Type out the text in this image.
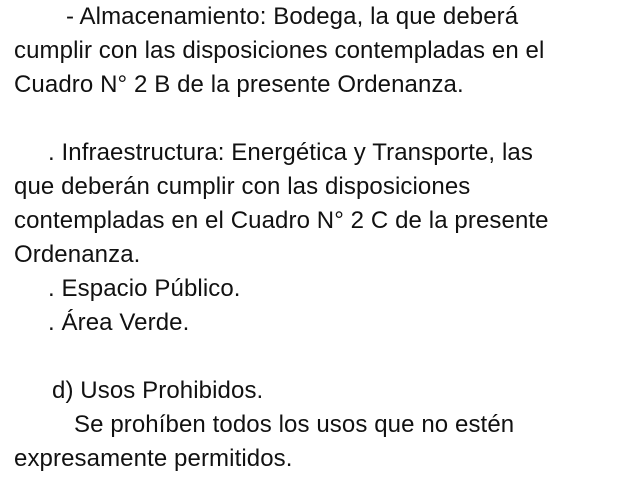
- Almacenamiento: Bodega, la que deberá
cumplir con las disposiciones contempladas en el
Cuadro N° 2 B de la presente Ordenanza.
. Infraestructura: Energética y Transporte, las
que deberán cumplir con las disposiciones
contempladas en el Cuadro N° 2 C de la presente
Ordenanza.
. Espacio Público.
. Área Verde.
d) Usos Prohibidos.
Se prohíben todos los usos que no estén
expresamente permitidos.
